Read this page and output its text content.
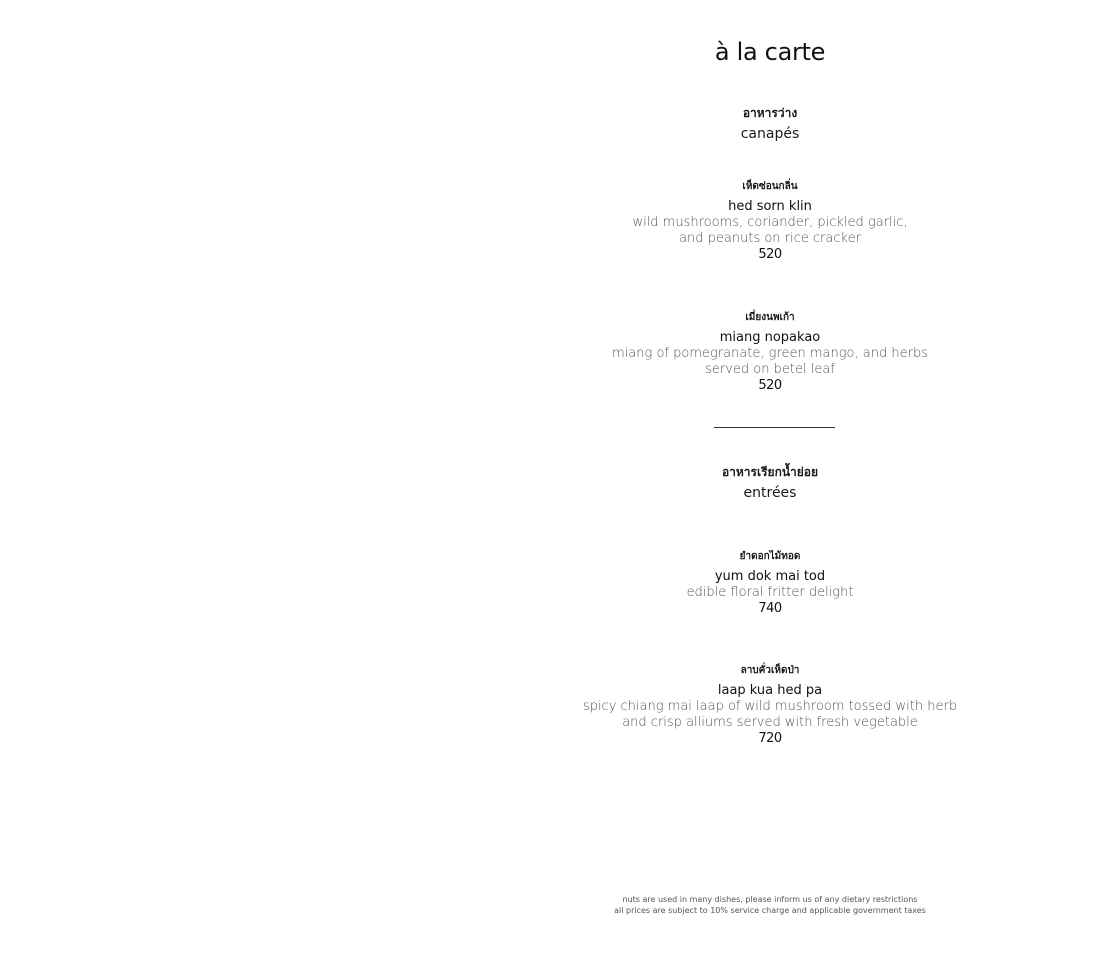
à la carte
อาหารว่าง
canapés
เห็ดซ่อนกลิ่น
hed sorn klin
wild mushrooms, coriander, pickled garlic,
and peanuts on rice cracker
520
เมี่ยงนพเก้า
miang nopakao
miang of pomegranate, green mango, and herbs
served on betel leaf
520
อาหารเรียกน้ำย่อย
entrées
ยำดอกไม้ทอด
yum dok mai tod
edible floral fritter delight
740
ลาบคั่วเห็ดป่า
laap kua hed pa
spicy chiang mai laap of wild mushroom tossed with herb
and crisp alliums served with fresh vegetable
720
nuts are used in many dishes, please inform us of any dietary restrictions
all prices are subject to 10% service charge and applicable government taxes
